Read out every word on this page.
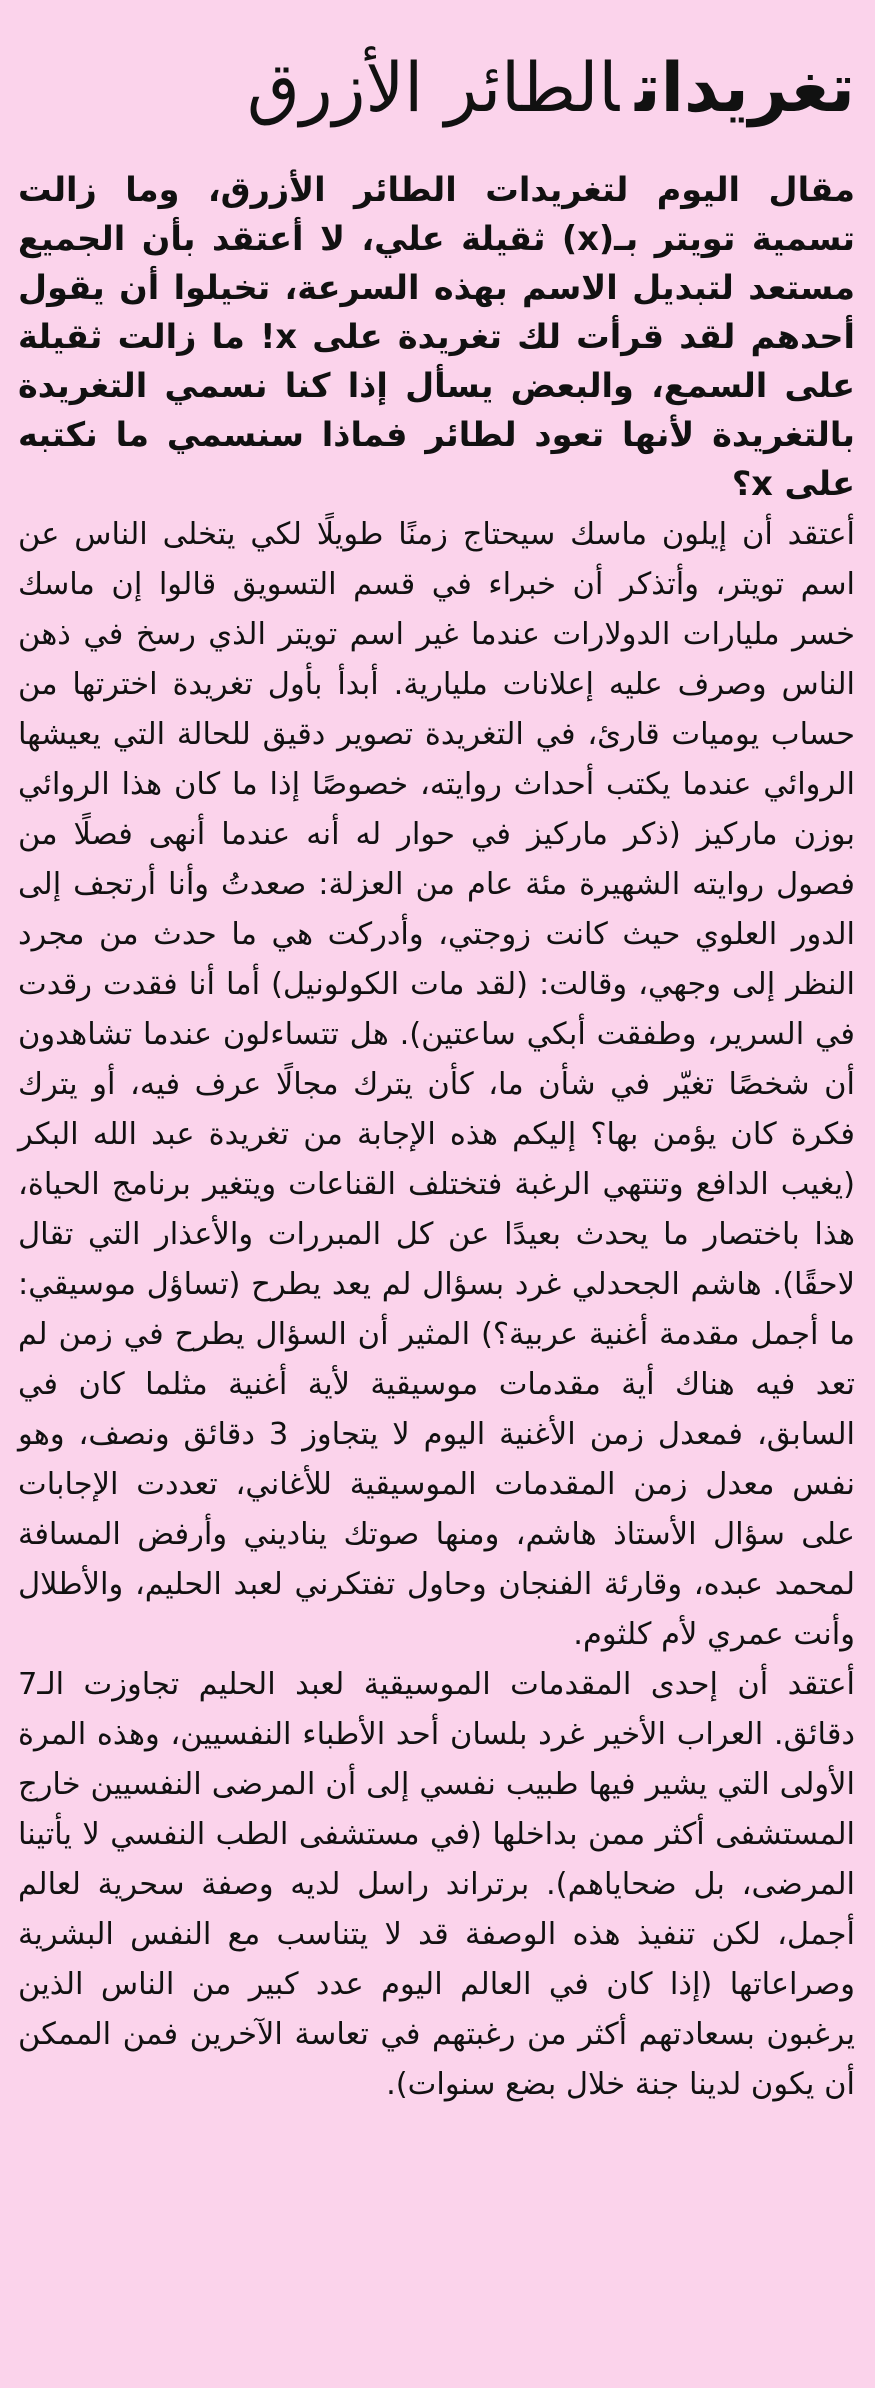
تغريداتالطائر الأزرق

مقال اليوم لتغريدات الطائر الأزرق، وما زالت تسمية تويتر بـ(x) ثقيلة علي، لا أعتقد بأن الجميع مستعد لتبديل الاسم بهذه السرعة، تخيلوا أن يقول أحدهم لقد قرأت لك تغريدة على x! ما زالت ثقيلة على السمع، والبعض يسأل إذا كنا نسمي التغريدة بالتغريدة لأنها تعود لطائر فماذا سنسمي ما نكتبه على x؟

أعتقد أن إيلون ماسك سيحتاج زمنًا طويلًا لكي يتخلى الناس عن اسم تويتر، وأتذكر أن خبراء في قسم التسويق قالوا إن ماسك خسر مليارات الدولارات عندما غير اسم تويتر الذي رسخ في ذهن الناس وصرف عليه إعلانات مليارية. أبدأ بأول تغريدة اخترتها من حساب يوميات قارئ، في التغريدة تصوير دقيق للحالة التي يعيشها الروائي عندما يكتب أحداث روايته، خصوصًا إذا ما كان هذا الروائي بوزن ماركيز (ذكر ماركيز في حوار له أنه عندما أنهى فصلًا من فصول روايته الشهيرة مئة عام من العزلة: صعدتُ وأنا أرتجف إلى الدور العلوي حيث كانت زوجتي، وأدركت هي ما حدث من مجرد النظر إلى وجهي، وقالت: (لقد مات الكولونيل) أما أنا فقدت رقدت في السرير، وطفقت أبكي ساعتين). هل تتساءلون عندما تشاهدون أن شخصًا تغيّر في شأن ما، كأن يترك مجالًا عرف فيه، أو يترك فكرة كان يؤمن بها؟ إليكم هذه الإجابة من تغريدة عبد الله البكر (يغيب الدافع وتنتهي الرغبة فتختلف القناعات ويتغير برنامج الحياة، هذا باختصار ما يحدث بعيدًا عن كل المبررات والأعذار التي تقال لاحقًا). هاشم الجحدلي غرد بسؤال لم يعد يطرح (تساؤل موسيقي: ما أجمل مقدمة أغنية عربية؟) المثير أن السؤال يطرح في زمن لم تعد فيه هناك أية مقدمات موسيقية لأية أغنية مثلما كان في السابق، فمعدل زمن الأغنية اليوم لا يتجاوز 3 دقائق ونصف، وهو نفس معدل زمن المقدمات الموسيقية للأغاني، تعددت الإجابات على سؤال الأستاذ هاشم، ومنها صوتك يناديني وأرفض المسافة لمحمد عبده، وقارئة الفنجان وحاول تفتكرني لعبد الحليم، والأطلال وأنت عمري لأم كلثوم.

أعتقد أن إحدى المقدمات الموسيقية لعبد الحليم تجاوزت الـ7 دقائق. العراب الأخير غرد بلسان أحد الأطباء النفسيين، وهذه المرة الأولى التي يشير فيها طبيب نفسي إلى أن المرضى النفسيين خارج المستشفى أكثر ممن بداخلها (في مستشفى الطب النفسي لا يأتينا المرضى، بل ضحاياهم). برتراند راسل لديه وصفة سحرية لعالم أجمل، لكن تنفيذ هذه الوصفة قد لا يتناسب مع النفس البشرية وصراعاتها (إذا كان في العالم اليوم عدد كبير من الناس الذين يرغبون بسعادتهم أكثر من رغبتهم في تعاسة الآخرين فمن الممكن أن يكون لدينا جنة خلال بضع سنوات).
